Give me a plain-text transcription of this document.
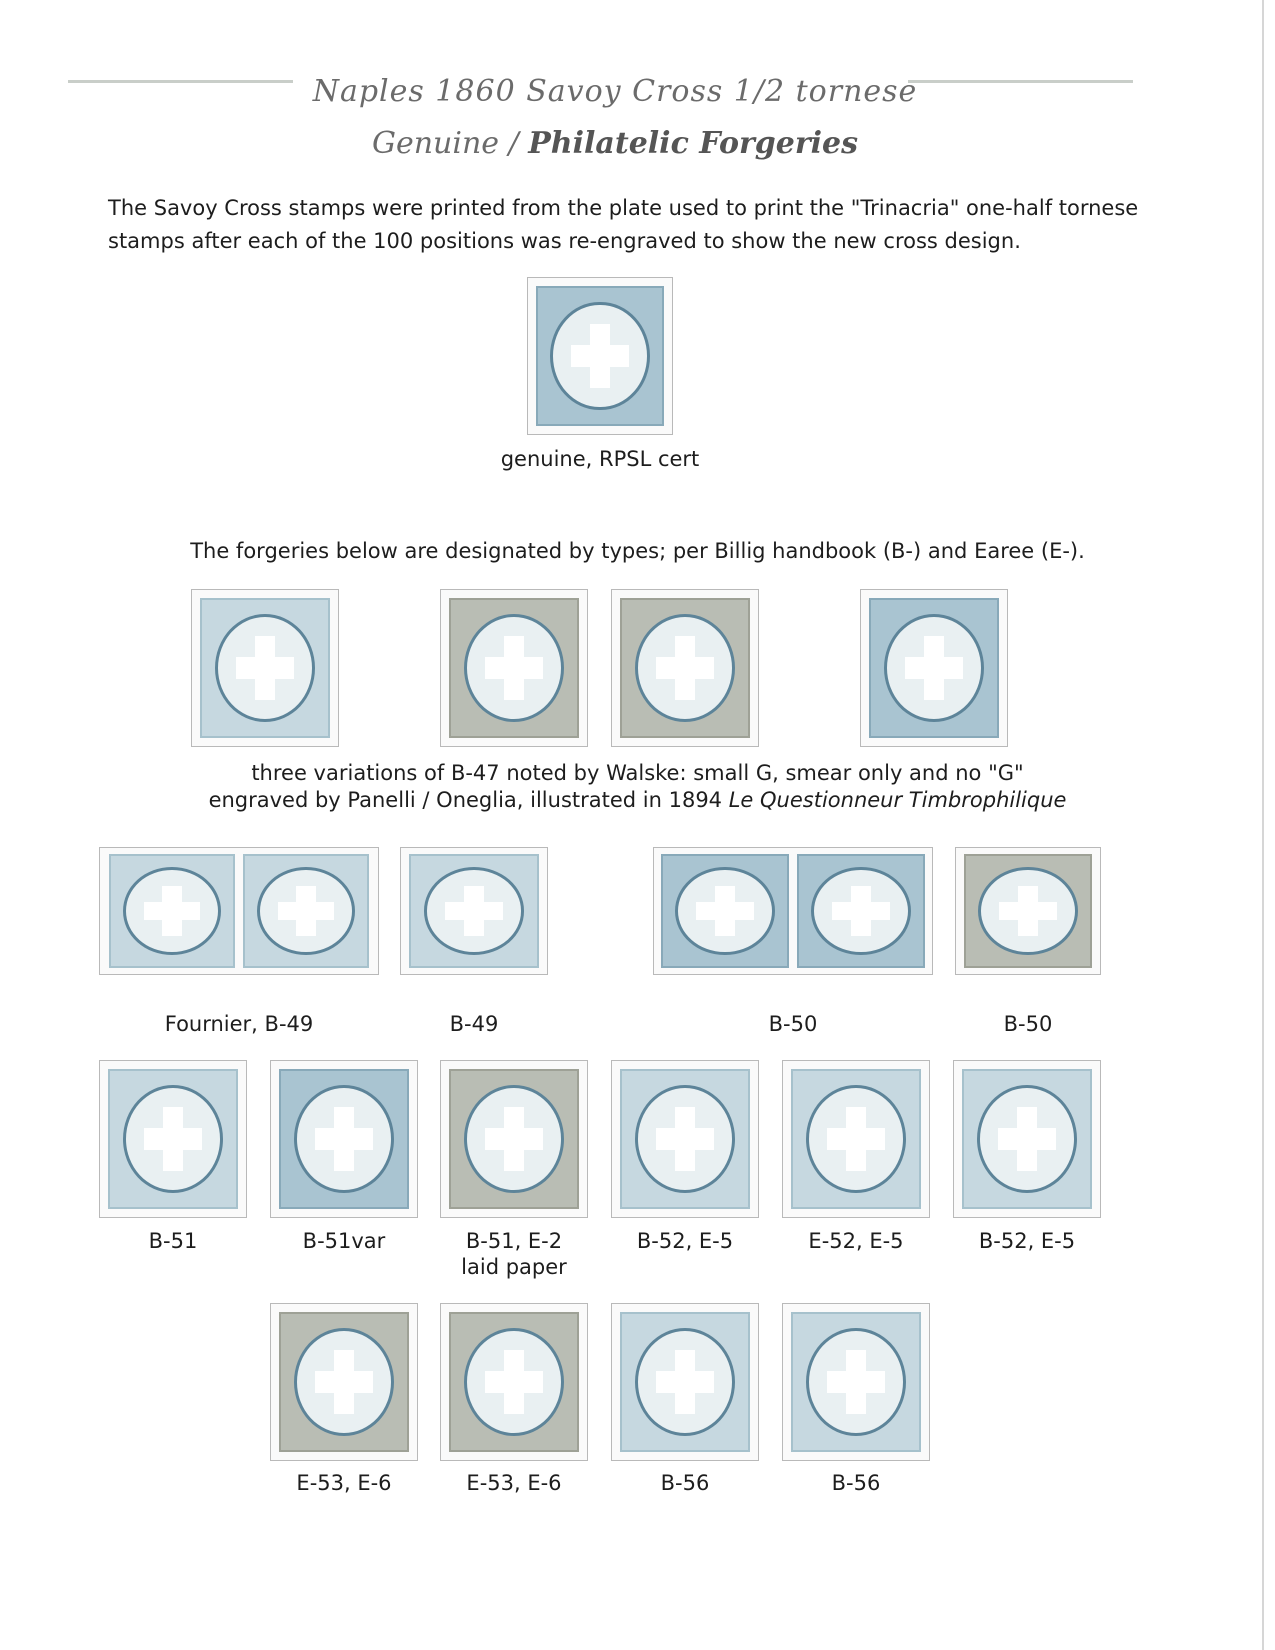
Naples 1860 Savoy Cross 1/2 tornese
Genuine / Philatelic Forgeries
The Savoy Cross stamps were printed from the plate used to print the "Trinacria" one-half tornese stamps after each of the 100 positions was re-engraved to show the new cross design.
genuine, RPSL cert
The forgeries below are designated by types; per Billig handbook (B-) and Earee (E-).
three variations of B-47 noted by Walske: small G, smear only and no "G"
engraved by Panelli / Oneglia, illustrated in 1894 Le Questionneur Timbrophilique
Fournier, B-49	B-49	B-50	B-50
B-51	B-51var	B-51, E-2
laid paper
B-52, E-5	E-52, E-5	B-52, E-5
E-53, E-6	E-53, E-6	B-56	B-56
